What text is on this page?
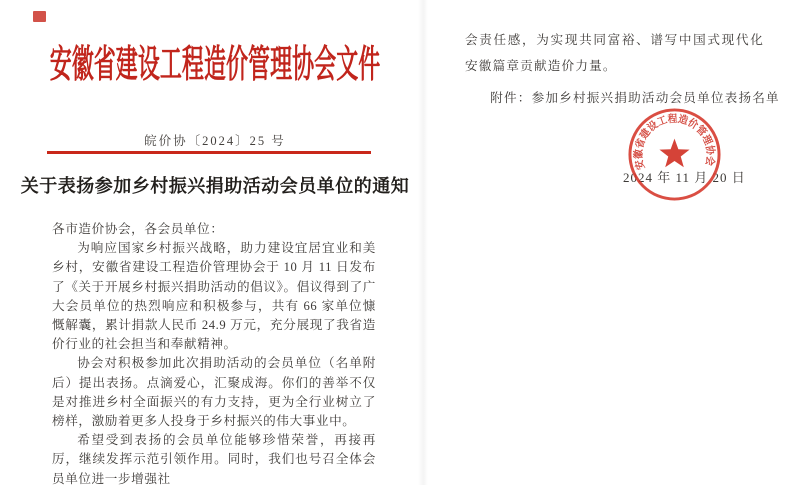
安徽省建设工程造价管理协会文件
皖价协〔2024〕25 号
关于表扬参加乡村振兴捐助活动会员单位的通知

各市造价协会，各会员单位：

为响应国家乡村振兴战略，助力建设宜居宜业和美乡村，安徽省建设工程造价管理协会于 10 月 11 日发布了《关于开展乡村振兴捐助活动的倡议》。倡议得到了广大会员单位的热烈响应和积极参与，共有 66 家单位慷慨解囊，累计捐款人民币 24.9 万元，充分展现了我省造价行业的社会担当和奉献精神。

协会对积极参加此次捐助活动的会员单位（名单附后）提出表扬。点滴爱心，汇聚成海。你们的善举不仅是对推进乡村全面振兴的有力支持，更为全行业树立了榜样，激励着更多人投身于乡村振兴的伟大事业中。

希望受到表扬的会员单位能够珍惜荣誉，再接再厉，继续发挥示范引领作用。同时，我们也号召全体会员单位进一步增强社

会责任感，为实现共同富裕、谱写中国式现代化安徽篇章贡献造价力量。
附件：参加乡村振兴捐助活动会员单位表扬名单
2024 年 11 月 20 日
安徽省建设工程造价管理协会
